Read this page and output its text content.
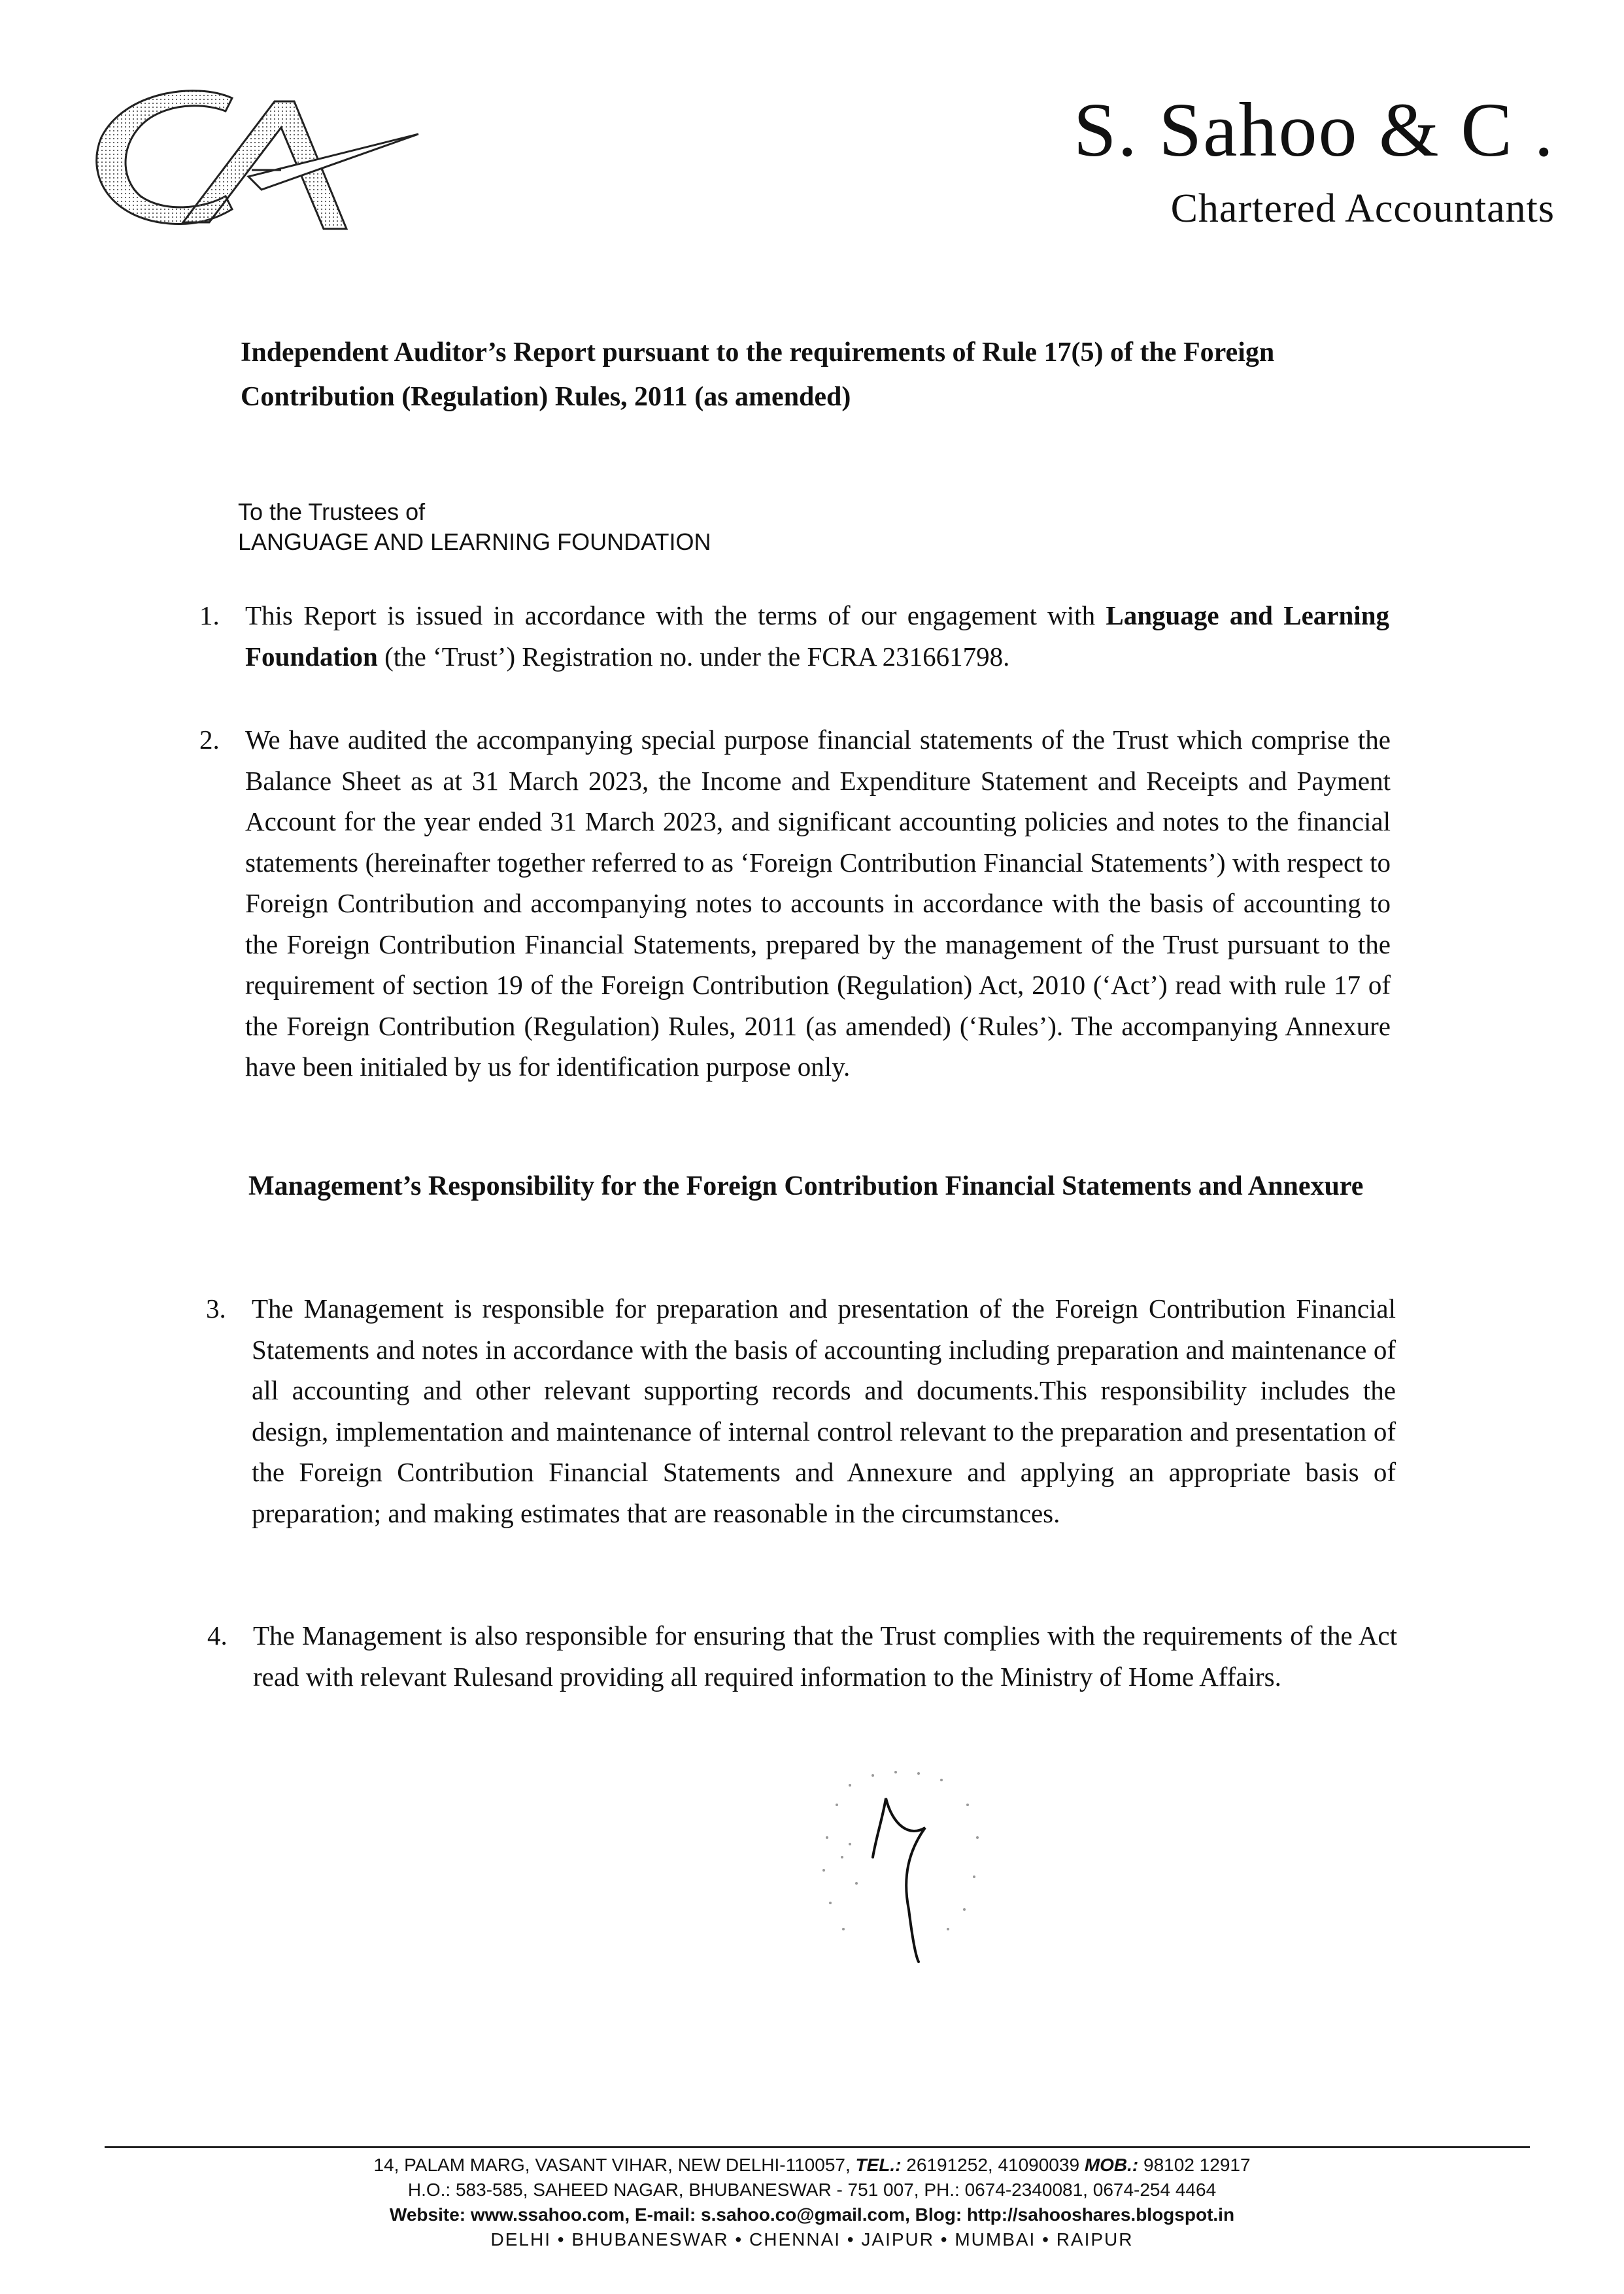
S. Sahoo & C .
Chartered Accountants
Independent Auditor’s Report pursuant to the requirements of Rule 17(5) of the Foreign Contribution (Regulation) Rules, 2011 (as amended)
To the Trustees of
LANGUAGE AND LEARNING FOUNDATION
1. This Report is issued in accordance with the terms of our engagement with Language and Learning Foundation (the ‘Trust’) Registration no. under the FCRA 231661798.
2. We have audited the accompanying special purpose financial statements of the Trust which comprise the Balance Sheet as at 31 March 2023, the Income and Expenditure Statement and Receipts and Payment Account for the year ended 31 March 2023, and significant accounting policies and notes to the financial statements (hereinafter together referred to as ‘Foreign Contribution Financial Statements’) with respect to Foreign Contribution and accompanying notes to accounts in accordance with the basis of accounting to the Foreign Contribution Financial Statements, prepared by the management of the Trust pursuant to the requirement of section 19 of the Foreign Contribution (Regulation) Act, 2010 (‘Act’) read with rule 17 of the Foreign Contribution (Regulation) Rules, 2011 (as amended) (‘Rules’). The accompanying Annexure have been initialed by us for identification purpose only.
Management’s Responsibility for the Foreign Contribution Financial Statements and Annexure
3. The Management is responsible for preparation and presentation of the Foreign Contribution Financial Statements and notes in accordance with the basis of accounting including preparation and maintenance of all accounting and other relevant supporting records and documents.This responsibility includes the design, implementation and maintenance of internal control relevant to the preparation and presentation of the Foreign Contribution Financial Statements and Annexure and applying an appropriate basis of preparation; and making estimates that are reasonable in the circumstances.
4. The Management is also responsible for ensuring that the Trust complies with the requirements of the Act read with relevant Rulesand providing all required information to the Ministry of Home Affairs.
14, PALAM MARG, VASANT VIHAR, NEW DELHI-110057, TEL.: 26191252, 41090039 MOB.: 98102 12917
H.O.: 583-585, SAHEED NAGAR, BHUBANESWAR - 751 007, PH.: 0674-2340081, 0674-254 4464
Website: www.ssahoo.com, E-mail: s.sahoo.co@gmail.com, Blog: http://sahooshares.blogspot.in
DELHI • BHUBANESWAR • CHENNAI • JAIPUR • MUMBAI • RAIPUR
